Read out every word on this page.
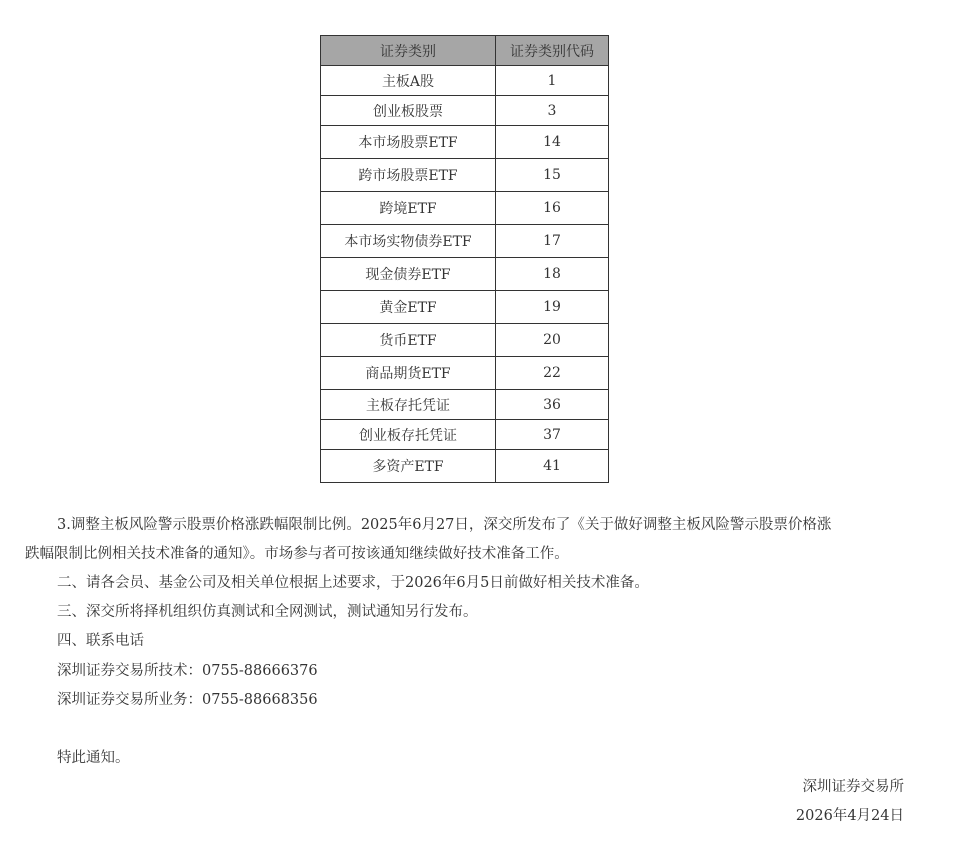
证券类别	证券类别代码
主板A股	1
创业板股票	3
本市场股票ETF	14
跨市场股票ETF	15
跨境ETF	16
本市场实物债券ETF	17
现金债券ETF	18
黄金ETF	19
货币ETF	20
商品期货ETF	22
主板存托凭证	36
创业板存托凭证	37
多资产ETF	41

3.调整主板风险警示股票价格涨跌幅限制比例。2025年6月27日，深交所发布了《关于做好调整主板风险警示股票价格涨

跌幅限制比例相关技术准备的通知》。市场参与者可按该通知继续做好技术准备工作。

二、请各会员、基金公司及相关单位根据上述要求，于2026年6月5日前做好相关技术准备。

三、深交所将择机组织仿真测试和全网测试，测试通知另行发布。

四、联系电话

深圳证券交易所技术：0755-88666376

深圳证券交易所业务：0755-88668356

特此通知。

深圳证券交易所
2026年4月24日
